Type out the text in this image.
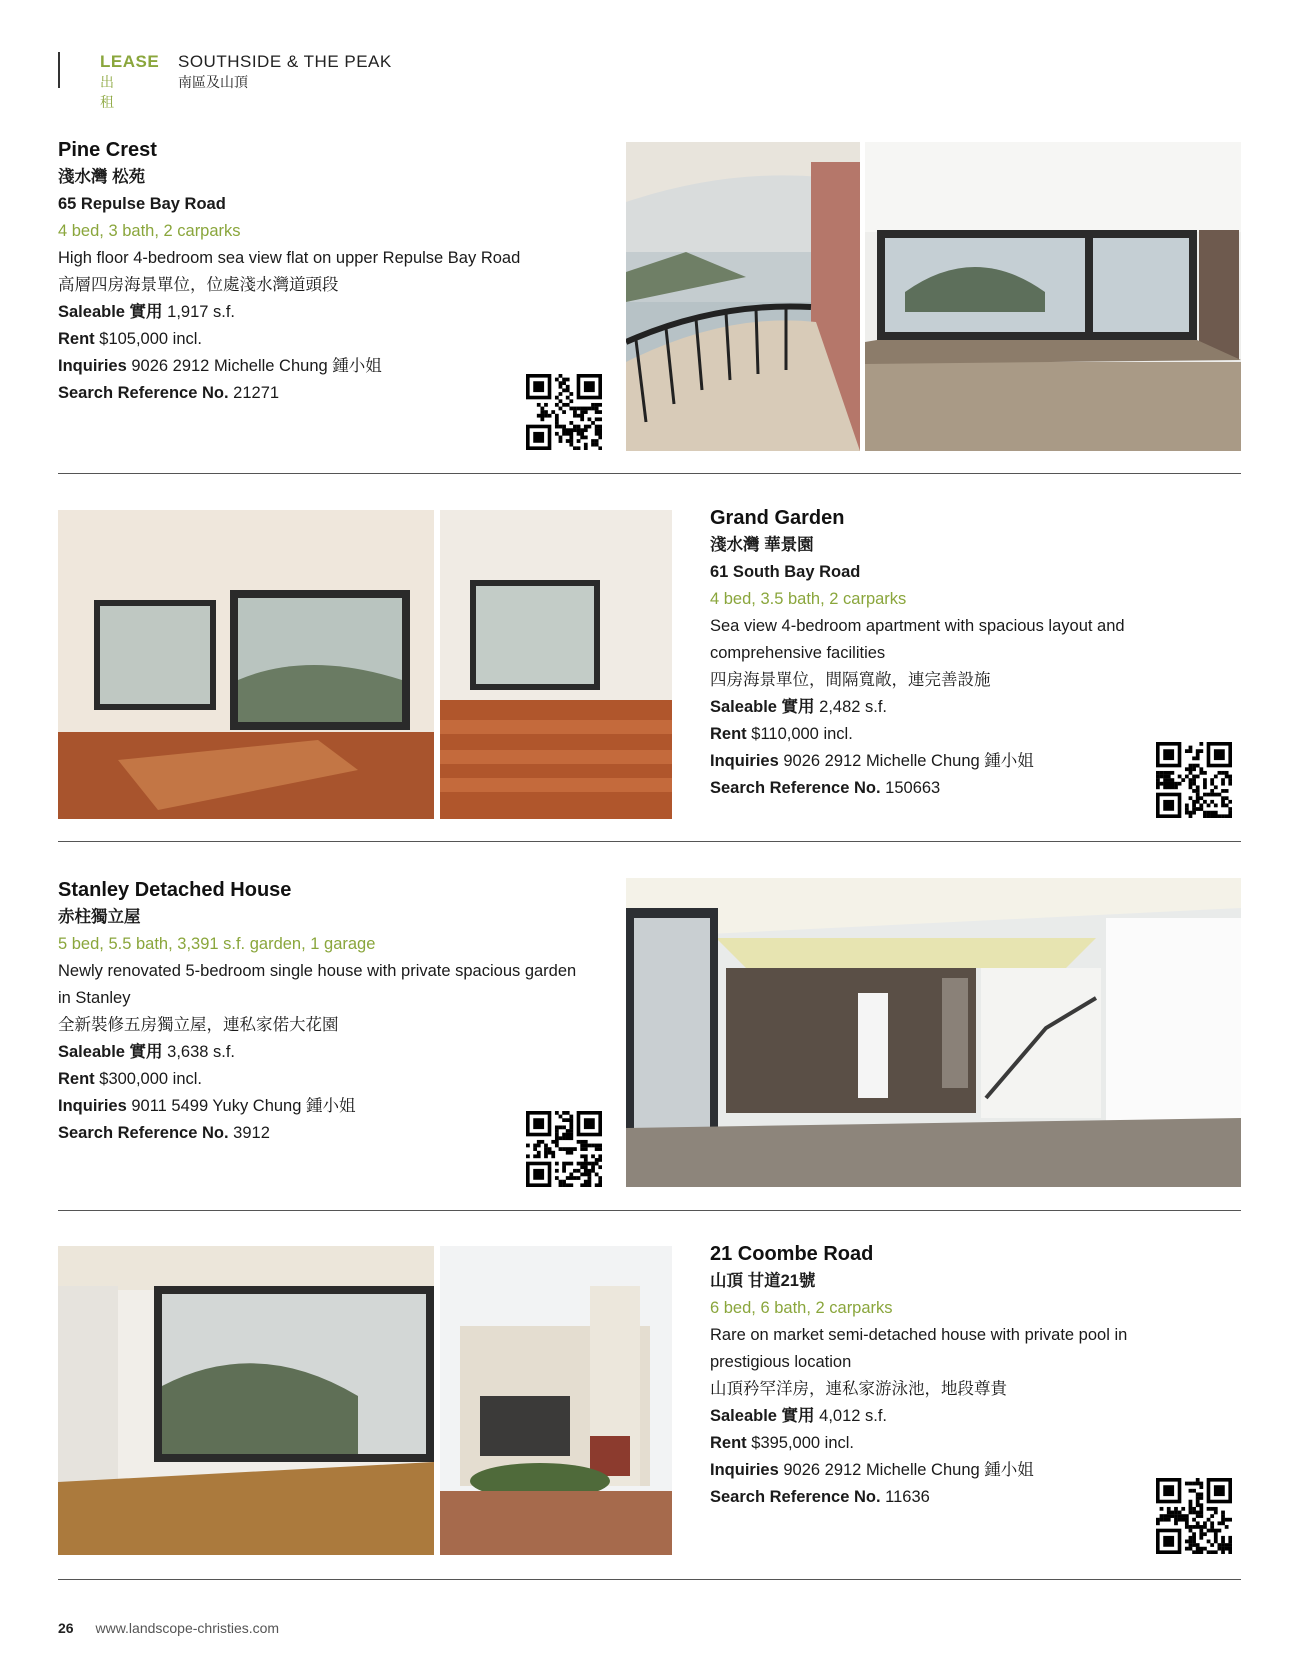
LEASE
出租
SOUTHSIDE & THE PEAK
南區及山頂
Pine Crest
淺水灣 松苑
65 Repulse Bay Road
4 bed, 3 bath, 2 carparks
High floor 4-bedroom sea view flat on upper Repulse Bay Road
高層四房海景單位，位處淺水灣道頭段
Saleable 實用 1,917 s.f.
Rent $105,000 incl.
Inquiries 9026 2912 Michelle Chung 鍾小姐
Search Reference No. 21271
Grand Garden
淺水灣 華景園
61 South Bay Road
4 bed, 3.5 bath, 2 carparks
Sea view 4-bedroom apartment with spacious layout and comprehensive facilities
四房海景單位，間隔寬敞，連完善設施
Saleable 實用 2,482 s.f.
Rent $110,000 incl.
Inquiries 9026 2912 Michelle Chung 鍾小姐
Search Reference No. 150663
Stanley Detached House
赤柱獨立屋
5 bed, 5.5 bath, 3,391 s.f. garden, 1 garage
Newly renovated 5-bedroom single house with private spacious garden in Stanley
全新裝修五房獨立屋，連私家偌大花園
Saleable 實用 3,638 s.f.
Rent $300,000 incl.
Inquiries 9011 5499 Yuky Chung 鍾小姐
Search Reference No. 3912
21 Coombe Road
山頂 甘道21號
6 bed, 6 bath, 2 carparks
Rare on market semi-detached house with private pool in prestigious location
山頂矜罕洋房，連私家游泳池，地段尊貴
Saleable 實用 4,012 s.f.
Rent $395,000 incl.
Inquiries 9026 2912 Michelle Chung 鍾小姐
Search Reference No. 11636
26 www.landscope-christies.com
